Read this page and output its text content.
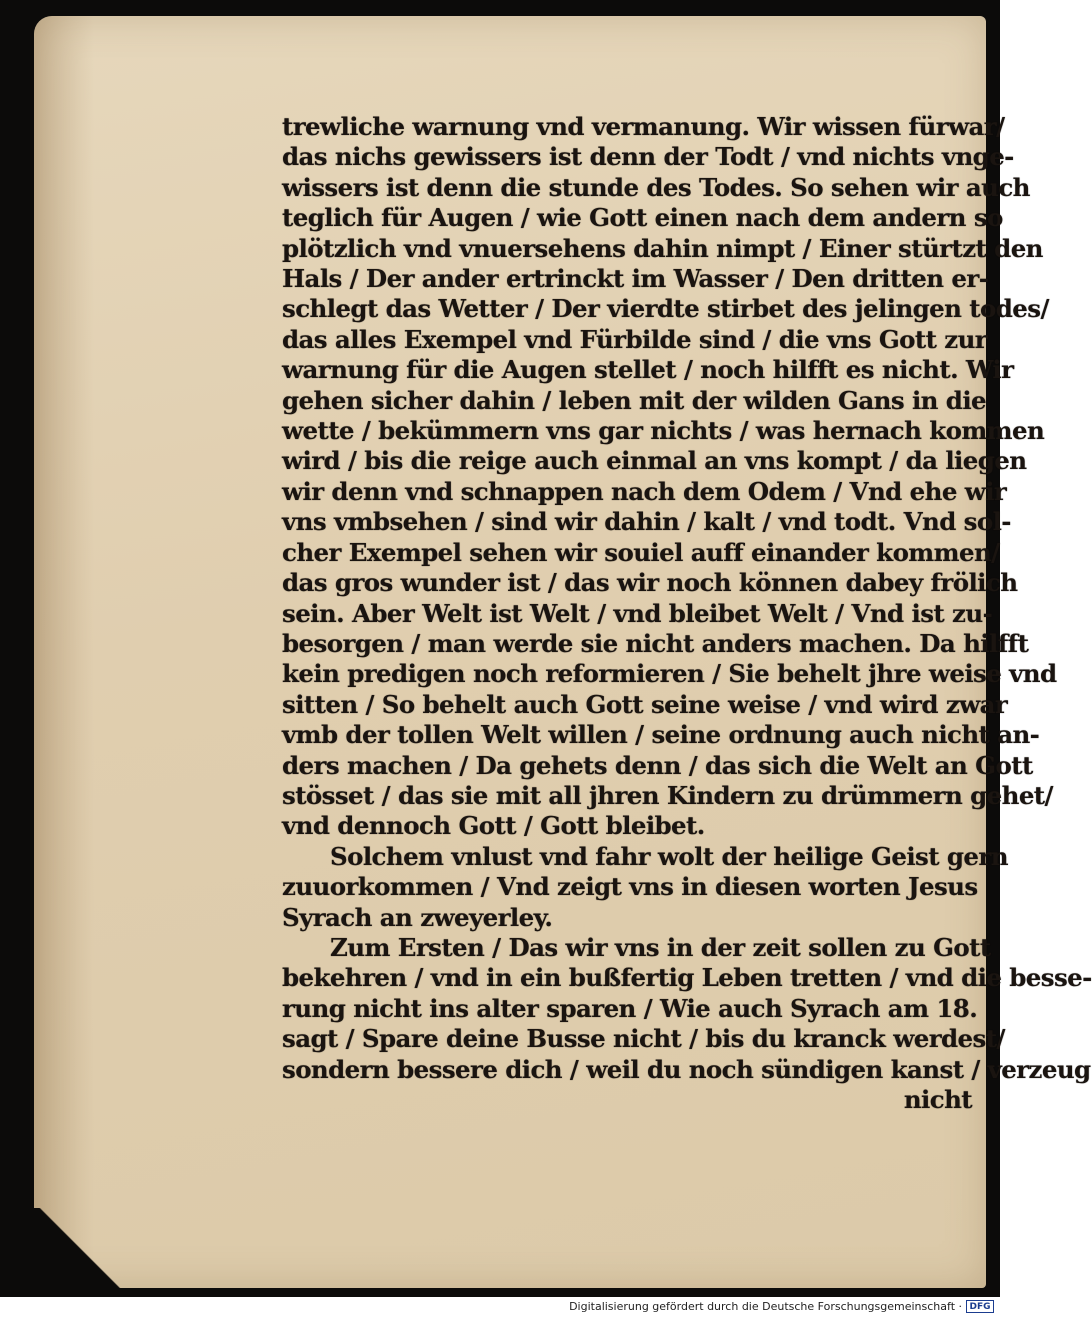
trewliche warnung vnd vermanung. Wir wissen fürwar/
das nichs gewissers ist denn der Todt / vnd nichts vnge-
wissers ist denn die stunde des Todes. So sehen wir auch
teglich für Augen / wie Gott einen nach dem andern so
plötzlich vnd vnuersehens dahin nimpt / Einer stürtzt den
Hals / Der ander ertrinckt im Wasser / Den dritten er-
schlegt das Wetter / Der vierdte stirbet des jelingen todes/
das alles Exempel vnd Fürbilde sind / die vns Gott zur
warnung für die Augen stellet / noch hilfft es nicht. Wir
gehen sicher dahin / leben mit der wilden Gans in die
wette / bekümmern vns gar nichts / was hernach kommen
wird / bis die reige auch einmal an vns kompt / da liegen
wir denn vnd schnappen nach dem Odem / Vnd ehe wir
vns vmbsehen / sind wir dahin / kalt / vnd todt. Vnd sol-
cher Exempel sehen wir souiel auff einander kommen/
das gros wunder ist / das wir noch können dabey frölich
sein. Aber Welt ist Welt / vnd bleibet Welt / Vnd ist zu-
besorgen / man werde sie nicht anders machen. Da hilfft
kein predigen noch reformieren / Sie behelt jhre weise vnd
sitten / So behelt auch Gott seine weise / vnd wird zwar
vmb der tollen Welt willen / seine ordnung auch nicht an-
ders machen / Da gehets denn / das sich die Welt an Gott
stösset / das sie mit all jhren Kindern zu drümmern gehet/
vnd dennoch Gott / Gott bleibet.
Solchem vnlust vnd fahr wolt der heilige Geist gern
zuuorkommen / Vnd zeigt vns in diesen worten Jesus
Syrach an zweyerley.
Zum Ersten / Das wir vns in der zeit sollen zu Gott
bekehren / vnd in ein bußfertig Leben tretten / vnd die besse-
rung nicht ins alter sparen / Wie auch Syrach am 18.
sagt / Spare deine Busse nicht / bis du kranck werdest/
sondern bessere dich / weil du noch sündigen kanst / verzeug
nicht
Digitalisierung gefördert durch die Deutsche Forschungsgemeinschaft · DFG
